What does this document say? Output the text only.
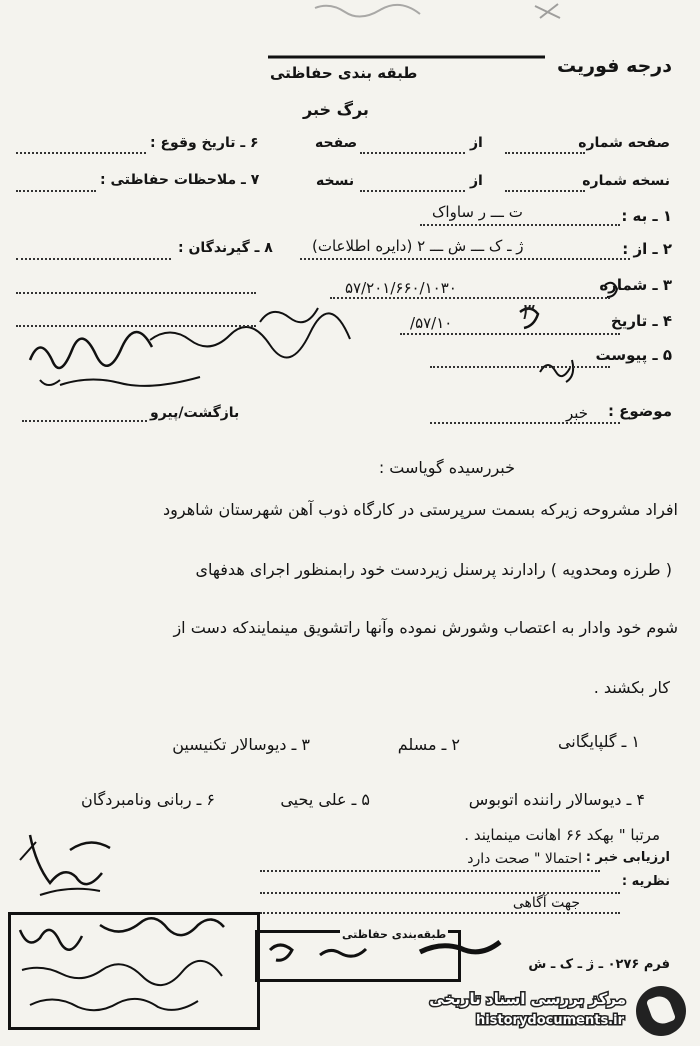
درجه فوریت
طبقه بندی حفاظتی
برگ خبر
صفحه شماره
از
صفحه
نسخه شماره
از
نسخه
۶ ـ تاریخ وقوع :
۷ ـ ملاحظات حفاظتی :
۸ ـ گیرندگان :
۱ ـ به :
ت ـــ ر ساواک
۲ ـ از :
ژ ـ ک ـــ ش ـــ ۲ (دایره اطلاعات)
۳ ـ شماره
۵۷/۲۰۱/۶۶۰/۱۰۳۰
۴ ـ تاریخ
۵۷/۱۰/	۳
۵ ـ پیوست
موضوع :
خبر
بازگشت/پیرو
خبررسیده گویاست :
افراد مشروحه زیرکه بسمت سرپرستی در کارگاه ذوب آهن شهرستان شاهرود
( طرزه ومحدویه ) رادارند پرسنل زیردست خود رابمنظور اجرای هدفهای
شوم خود وادار به اعتصاب وشورش نموده وآنها راتشویق مینمایندکه دست از
کار بکشند .
۱ ـ گلپایگانی
۲ ـ مسلم
۳ ـ دیوسالار تکنیسین
۴ ـ دیوسالار راننده اتوبوس
۵ ـ علی یحیی
۶ ـ ربانی ونامبردگان
مرتبا " بهکد ۶۶ اهانت مینمایند .
ارزیابی خبر :
احتمالا " صحت دارد
نظریه :
جهت آگاهی
طبقه‌بندی حفاظتی
فرم ۰۲۷۶ ـ ژ ـ ک ـ ش
مرکز بررسی اسناد تاریخی
historydocuments.ir
